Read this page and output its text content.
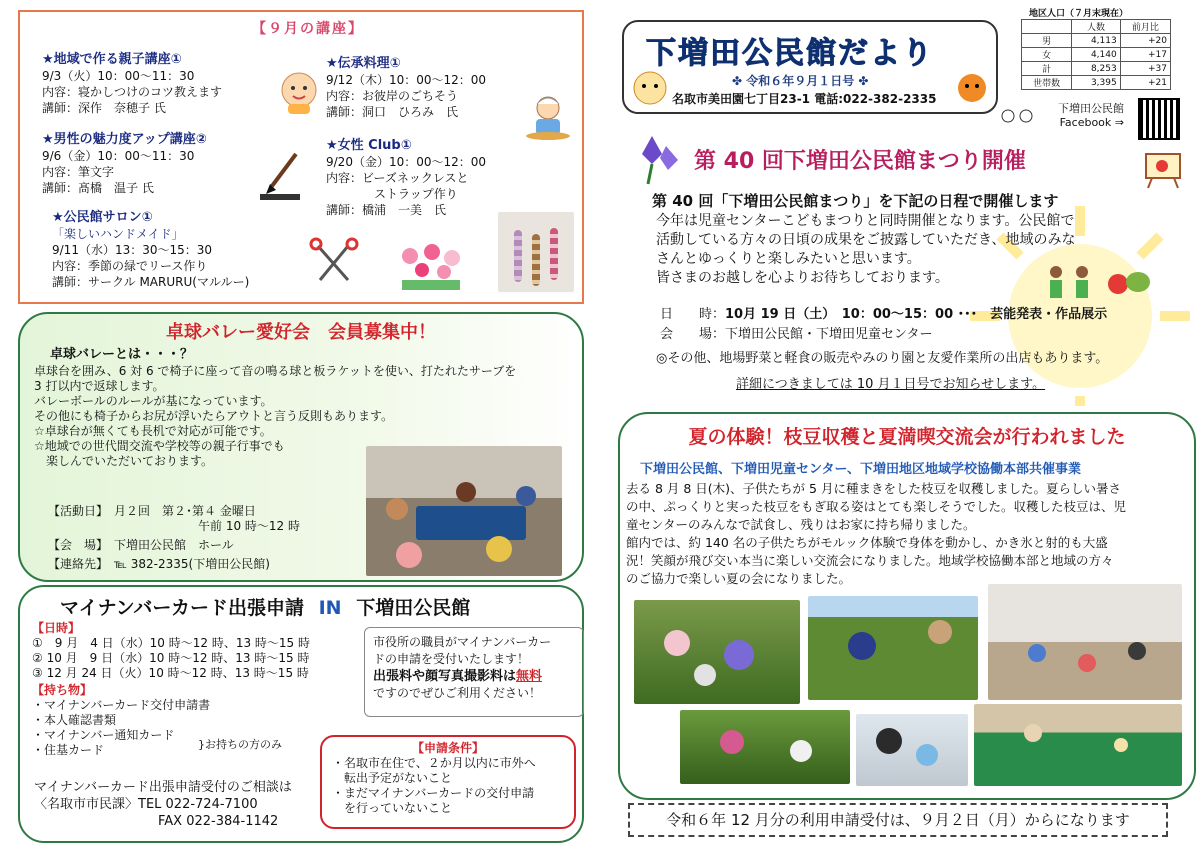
【９月の講座】
★地域で作る親子講座①
9/3（火）10：00～11：30
内容：寝かしつけのコツ教えます
講師：深作　奈穂子 氏
★男性の魅力度アップ講座②
9/6（金）10：00～11：30
内容：筆文字
講師：髙橋　温子 氏
★公民館サロン①
「楽しいハンドメイド」
9/11（水）13：30～15：30
内容：季節の緑でリース作り
講師：サークル MARURU(マルルー)
★伝承料理①
9/12（木）10：00～12：00
内容：お彼岸のごちそう
講師：洞口　ひろみ　氏
★女性 Club①
9/20（金）10：00～12：00
内容：ビーズネックレスと
ストラップ作り
講師：橋浦　一美　氏
卓球バレー愛好会　会員募集中！
卓球バレーとは・・・？
卓球台を囲み、6 対 6 で椅子に座って音の鳴る球と板ラケットを使い、打たれたサーブを
3 打以内で返球します。
バレーボールのルールが基になっています。
その他にも椅子からお尻が浮いたらアウトと言う反則もあります。
☆卓球台が無くても長机で対応が可能です。
☆地域での世代間交流や学校等の親子行事でも
　楽しんでいただいております。
【活動日】　 月２回　第２･第４ 金曜日
午前 10 時～12 時
【会　場】　 下増田公民館　ホール
【連絡先】　 ℡ 382-2335(下増田公民館)
マイナンバーカード出張申請 IN 下増田公民館
【日時】
①　9 月　4 日（水）10 時～12 時、13 時～15 時
② 10 月　9 日（水）10 時～12 時、13 時～15 時
③ 12 月 24 日（火）10 時～12 時、13 時～15 時
【持ち物】
・マイナンバーカード交付申請書
・本人確認書類
・マイナンバー通知カード
・住基カード	}お持ちの方のみ
市役所の職員がマイナンバーカー
ドの申請を受付いたします！
出張料や顔写真撮影料は無料
ですのでぜひご利用ください！
【申請条件】
・名取市在住で、２か月以内に市外へ
　転出予定がないこと
・まだマイナンバーカードの交付申請
　を行っていないこと
マイナンバーカード出張申請受付のご相談は
〈名取市市民課〉TEL 022-724-7100
FAX 022-384-1142
下増田公民館だより
✤ 令和６年９月１日号 ✤
名取市美田園七丁目23-1 電話:022-382-2335
地区人口（７月末現在）
	人数	前月比
男	4,113	+20
女	4,140	+17
計	8,253	+37
世帯数	3,395	+21
下増田公民館
Facebook ⇒
第 40 回下増田公民館まつり開催
第 40 回「下増田公民館まつり」を下記の日程で開催します
今年は児童センターこどもまつりと同時開催となります。公民館で
活動している方々の日頃の成果をご披露していただき、地域のみな
さんとゆっくりと楽しみたいと思います。
皆さまのお越しを心よりお待ちしております。
日　　時：10月 19 日（土）　10：00～15：00 ･･･　芸能発表・作品展示
会　　場：下増田公民館・下増田児童センター
◎その他、地場野菜と軽食の販売やみのり園と友愛作業所の出店もあります。
詳細につきましては 10 月１日号でお知らせします。
夏の体験！枝豆収穫と夏満喫交流会が行われました
下増田公民館、下増田児童センター、下増田地区地域学校協働本部共催事業
去る 8 月 8 日(木)、子供たちが 5 月に種まきをした枝豆を収穫しました。夏らしい暑さ
の中、ぷっくりと実った枝豆をもぎ取る姿はとても楽しそうでした。収穫した枝豆は、児
童センターのみんなで試食し、残りはお家に持ち帰りました。
館内では、約 140 名の子供たちがモルック体験で身体を動かし、かき氷と射的も大盛
況！笑顔が飛び交い本当に楽しい交流会になりました。地域学校協働本部と地域の方々
のご協力で楽しい夏の会になりました。
令和６年 12 月分の利用申請受付は、９月２日（月）からになります
